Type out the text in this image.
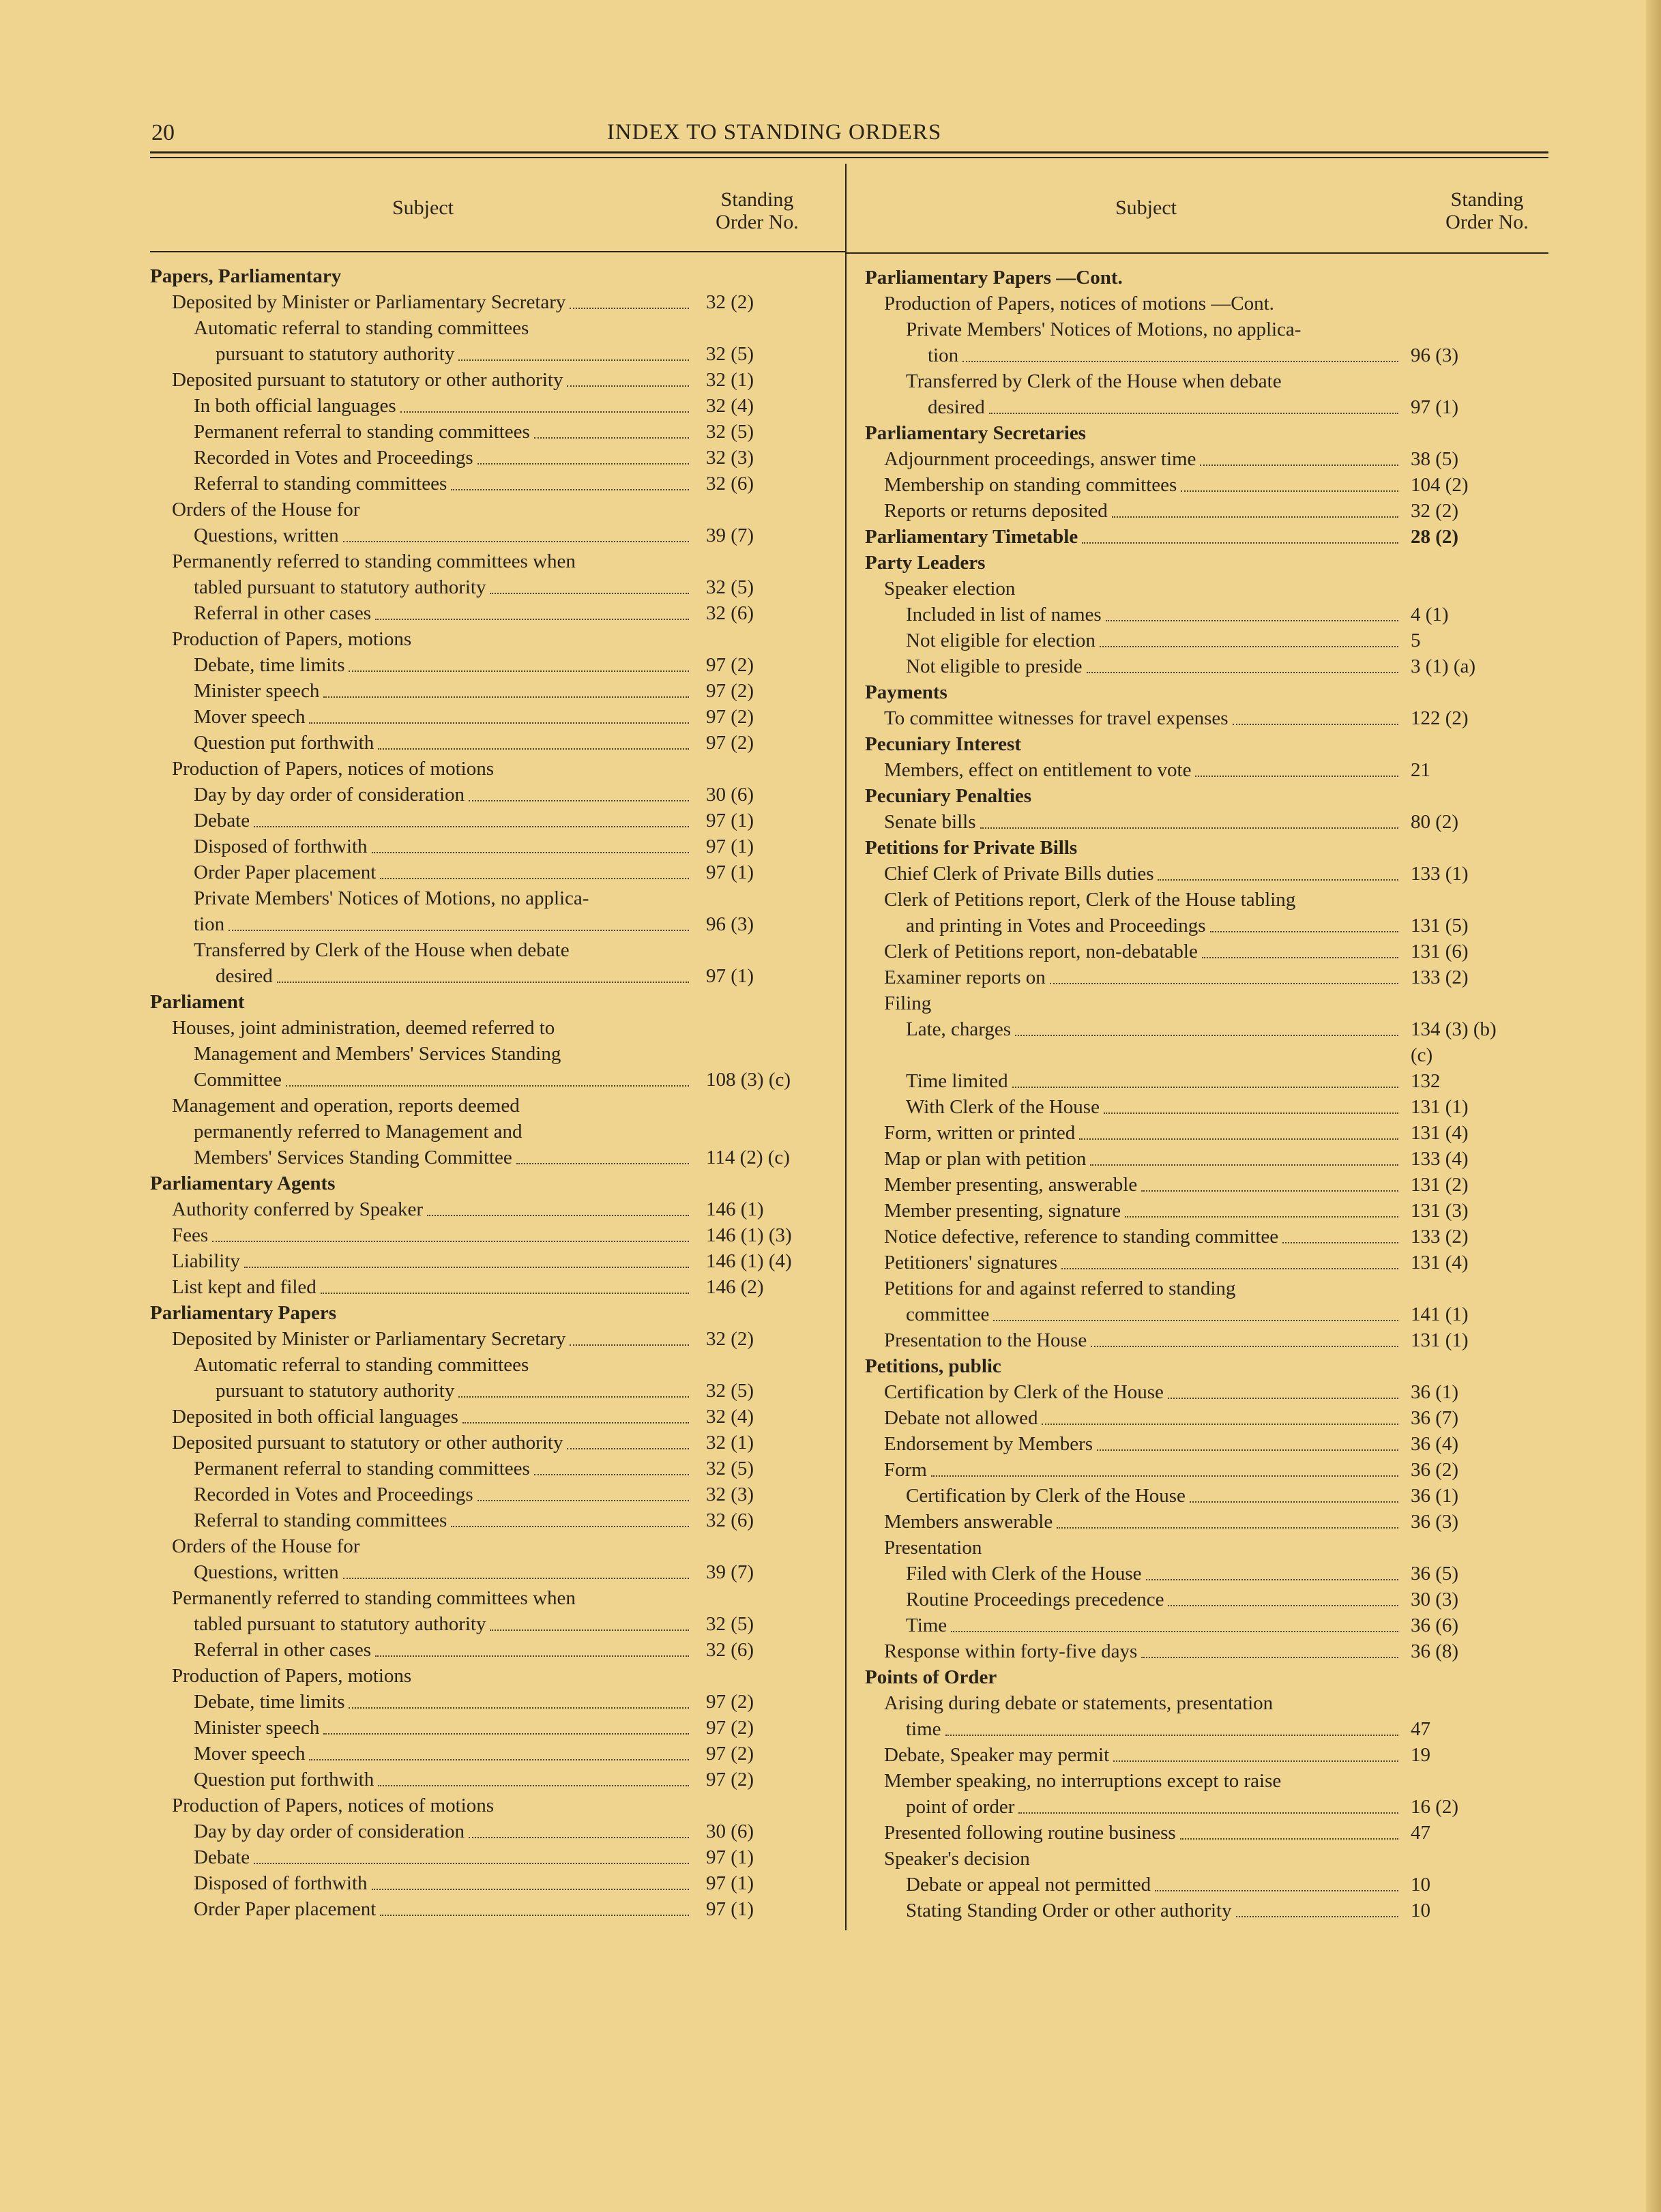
20	INDEX TO STANDING ORDERS
Subject	Standing
Order No.
Papers, Parliamentary
Deposited by Minister or Parliamentary Secretary	32 (2)
Automatic referral to standing committees
pursuant to statutory authority	32 (5)
Deposited pursuant to statutory or other authority	32 (1)
In both official languages	32 (4)
Permanent referral to standing committees	32 (5)
Recorded in Votes and Proceedings	32 (3)
Referral to standing committees	32 (6)
Orders of the House for
Questions, written	39 (7)
Permanently referred to standing committees when
tabled pursuant to statutory authority	32 (5)
Referral in other cases	32 (6)
Production of Papers, motions
Debate, time limits	97 (2)
Minister speech	97 (2)
Mover speech	97 (2)
Question put forthwith	97 (2)
Production of Papers, notices of motions
Day by day order of consideration	30 (6)
Debate	97 (1)
Disposed of forthwith	97 (1)
Order Paper placement	97 (1)
Private Members' Notices of Motions, no applica-
tion	96 (3)
Transferred by Clerk of the House when debate
desired	97 (1)
Parliament
Houses, joint administration, deemed referred to
Management and Members' Services Standing
Committee	108 (3) (c)
Management and operation, reports deemed
permanently referred to Management and
Members' Services Standing Committee	114 (2) (c)
Parliamentary Agents
Authority conferred by Speaker	146 (1)
Fees	146 (1) (3)
Liability	146 (1) (4)
List kept and filed	146 (2)
Parliamentary Papers
Deposited by Minister or Parliamentary Secretary	32 (2)
Automatic referral to standing committees
pursuant to statutory authority	32 (5)
Deposited in both official languages	32 (4)
Deposited pursuant to statutory or other authority	32 (1)
Permanent referral to standing committees	32 (5)
Recorded in Votes and Proceedings	32 (3)
Referral to standing committees	32 (6)
Orders of the House for
Questions, written	39 (7)
Permanently referred to standing committees when
tabled pursuant to statutory authority	32 (5)
Referral in other cases	32 (6)
Production of Papers, motions
Debate, time limits	97 (2)
Minister speech	97 (2)
Mover speech	97 (2)
Question put forthwith	97 (2)
Production of Papers, notices of motions
Day by day order of consideration	30 (6)
Debate	97 (1)
Disposed of forthwith	97 (1)
Order Paper placement	97 (1)
Subject	Standing
Order No.
Parliamentary Papers —Cont.
Production of Papers, notices of motions —Cont.
Private Members' Notices of Motions, no applica-
tion	96 (3)
Transferred by Clerk of the House when debate
desired	97 (1)
Parliamentary Secretaries
Adjournment proceedings, answer time	38 (5)
Membership on standing committees	104 (2)
Reports or returns deposited	32 (2)
Parliamentary Timetable	28 (2)
Party Leaders
Speaker election
Included in list of names	4 (1)
Not eligible for election	5
Not eligible to preside	3 (1) (a)
Payments
To committee witnesses for travel expenses	122 (2)
Pecuniary Interest
Members, effect on entitlement to vote	21
Pecuniary Penalties
Senate bills	80 (2)
Petitions for Private Bills
Chief Clerk of Private Bills duties	133 (1)
Clerk of Petitions report, Clerk of the House tabling
and printing in Votes and Proceedings	131 (5)
Clerk of Petitions report, non-debatable	131 (6)
Examiner reports on	133 (2)
Filing
Late, charges	134 (3) (b)
(c)
Time limited	132
With Clerk of the House	131 (1)
Form, written or printed	131 (4)
Map or plan with petition	133 (4)
Member presenting, answerable	131 (2)
Member presenting, signature	131 (3)
Notice defective, reference to standing committee	133 (2)
Petitioners' signatures	131 (4)
Petitions for and against referred to standing
committee	141 (1)
Presentation to the House	131 (1)
Petitions, public
Certification by Clerk of the House	36 (1)
Debate not allowed	36 (7)
Endorsement by Members	36 (4)
Form	36 (2)
Certification by Clerk of the House	36 (1)
Members answerable	36 (3)
Presentation
Filed with Clerk of the House	36 (5)
Routine Proceedings precedence	30 (3)
Time	36 (6)
Response within forty-five days	36 (8)
Points of Order
Arising during debate or statements, presentation
time	47
Debate, Speaker may permit	19
Member speaking, no interruptions except to raise
point of order	16 (2)
Presented following routine business	47
Speaker's decision
Debate or appeal not permitted	10
Stating Standing Order or other authority	10
